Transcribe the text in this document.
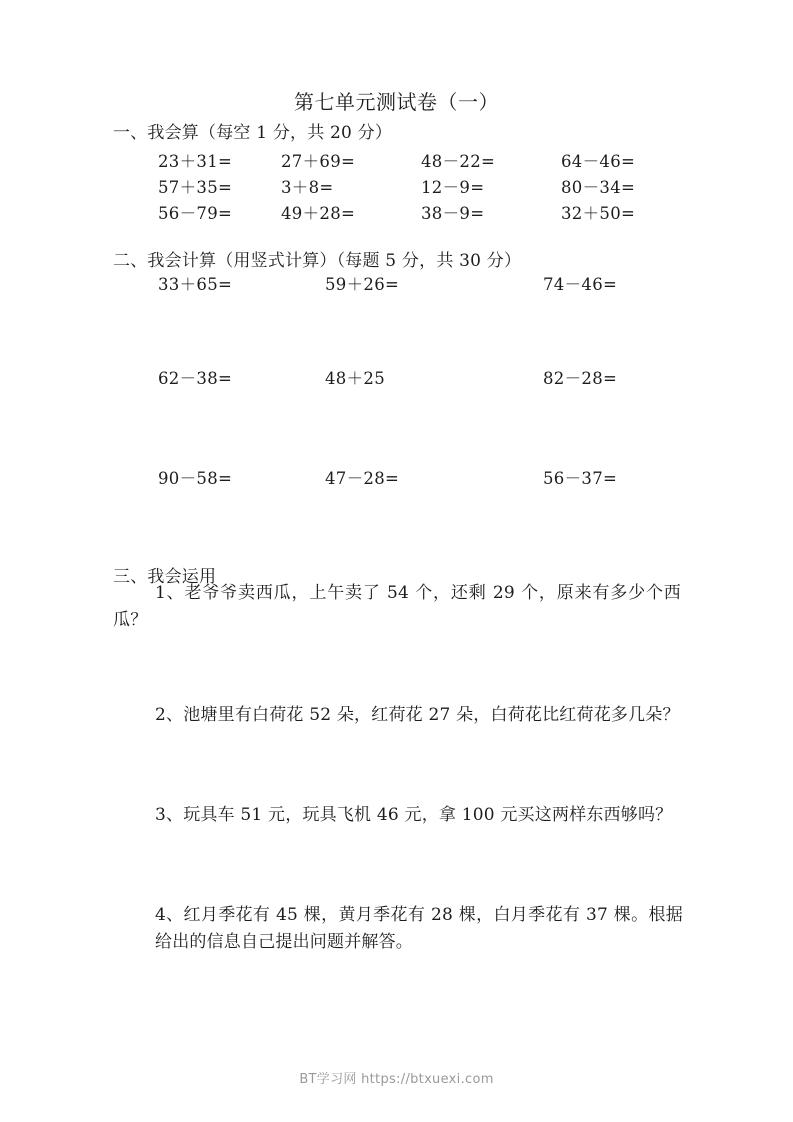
第七单元测试卷（一）
一、我会算（每空 1 分，共 20 分）
23＋31=	27＋69=	48－22=	64－46=
57＋35=	3＋8=	12－9=	80－34=
56－79=	49＋28=	38－9=	32＋50=
二、我会计算（用竖式计算）（每题 5 分，共 30 分）
33＋65=	59＋26=	74－46=
62－38=	48＋25	82－28=
90－58=	47－28=	56－37=
三、我会运用
1、老爷爷卖西瓜，上午卖了 54 个，还剩 29 个，原来有多少个西瓜？
2、池塘里有白荷花 52 朵，红荷花 27 朵，白荷花比红荷花多几朵？
3、玩具车 51 元，玩具飞机 46 元，拿 100 元买这两样东西够吗？
4、红月季花有 45 棵，黄月季花有 28 棵，白月季花有 37 棵。根据给出的信息自己提出问题并解答。
BT学习网 https://btxuexi.com
